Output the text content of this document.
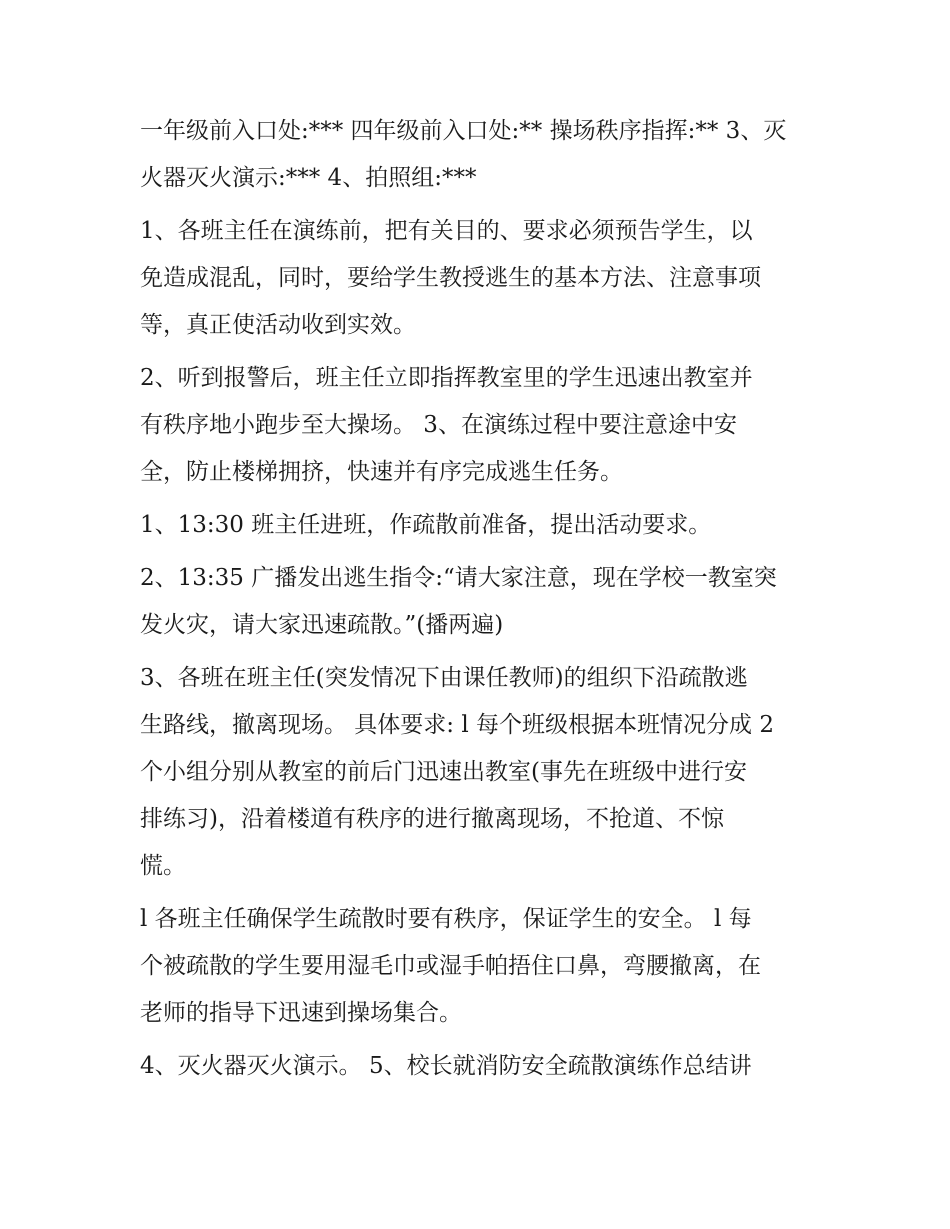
一年级前入口处:*** 四年级前入口处:** 操场秩序指挥:** 3、灭
火器灭火演示:*** 4、拍照组:***

1、各班主任在演练前，把有关目的、要求必须预告学生，以
免造成混乱，同时，要给学生教授逃生的基本方法、注意事项
等，真正使活动收到实效。

2、听到报警后，班主任立即指挥教室里的学生迅速出教室并
有秩序地小跑步至大操场。 3、在演练过程中要注意途中安
全，防止楼梯拥挤，快速并有序完成逃生任务。

1、13:30 班主任进班，作疏散前准备，提出活动要求。

2、13:35 广播发出逃生指令:“请大家注意，现在学校一教室突
发火灾，请大家迅速疏散。”(播两遍)

3、各班在班主任(突发情况下由课任教师)的组织下沿疏散逃
生路线，撤离现场。 具体要求: l 每个班级根据本班情况分成 2
个小组分别从教室的前后门迅速出教室(事先在班级中进行安
排练习)，沿着楼道有秩序的进行撤离现场，不抢道、不惊
慌。

l 各班主任确保学生疏散时要有秩序，保证学生的安全。 l 每
个被疏散的学生要用湿毛巾或湿手帕捂住口鼻，弯腰撤离，在
老师的指导下迅速到操场集合。

4、灭火器灭火演示。 5、校长就消防安全疏散演练作总结讲
